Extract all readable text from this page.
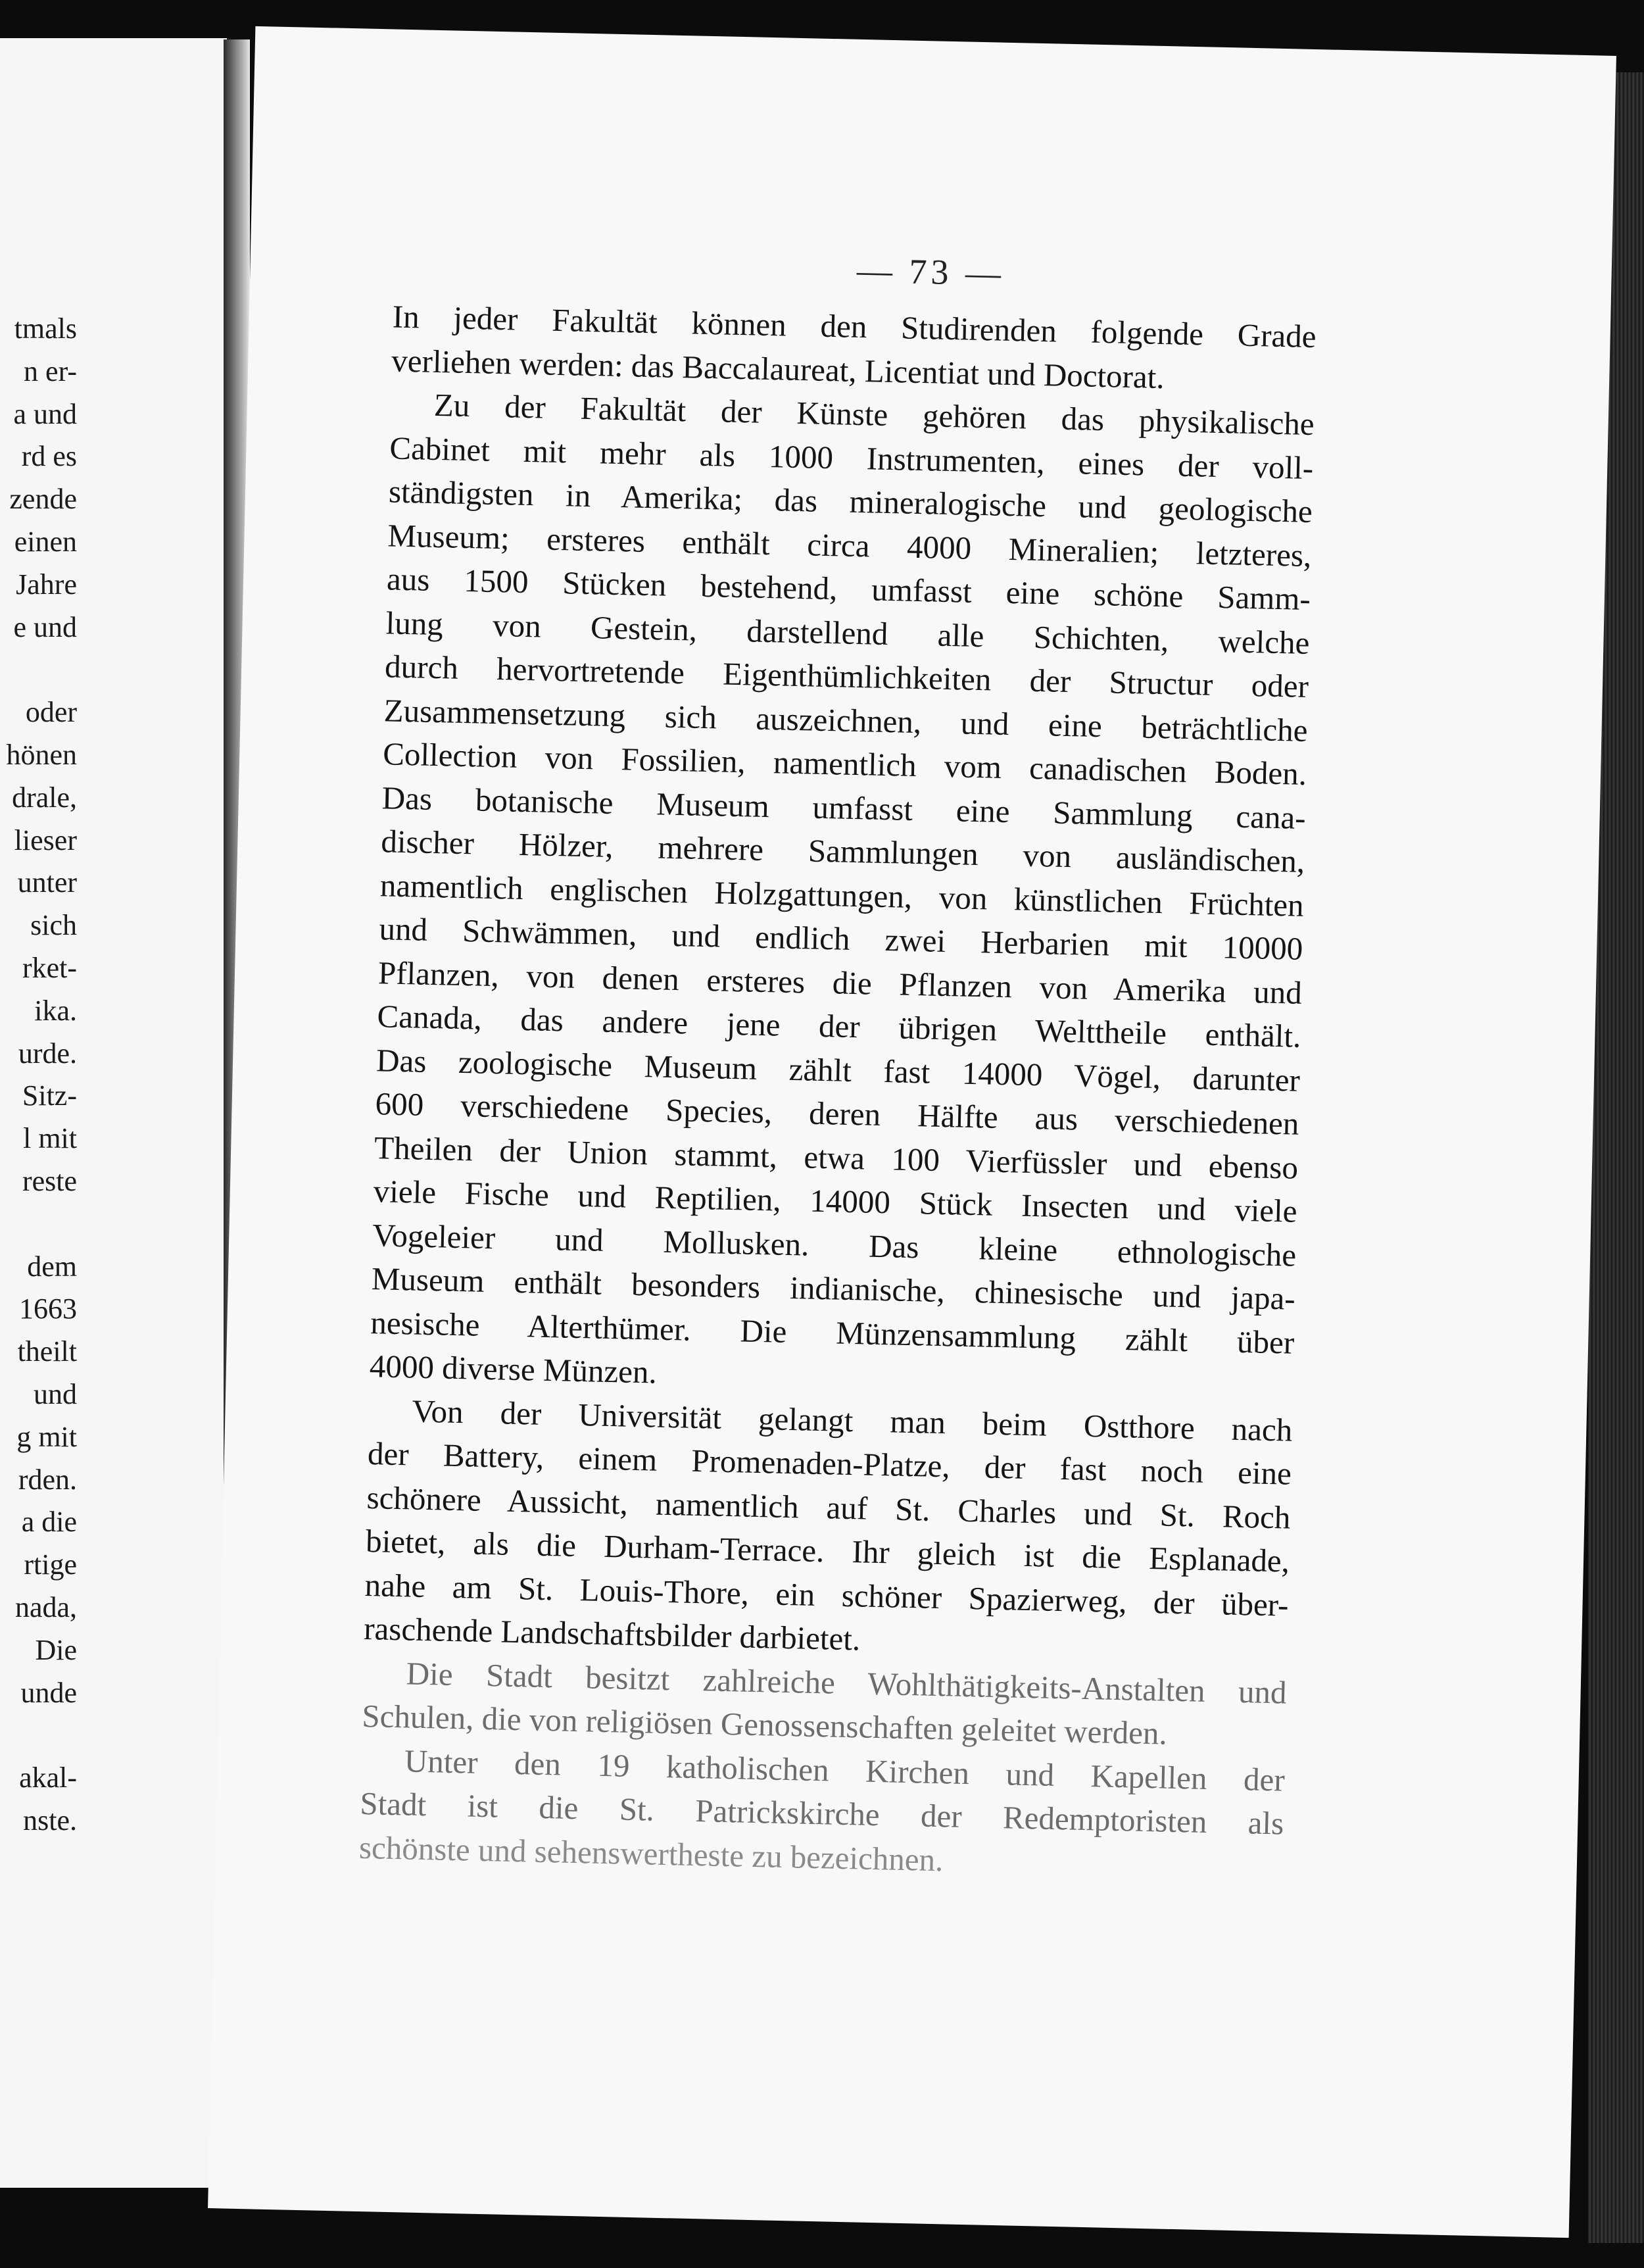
tmals
n er-
a und
rd es
zende
einen
Jahre
e und
oder
hönen
drale,
lieser
unter
sich
rket-
ika.
urde.
Sitz-
l mit
reste
dem
1663
theilt
und
g mit
rden.
a die
rtige
nada,
Die
unde
akal-
nste.
— 73 —
In jeder Fakultät können den Studirenden folgende Grade
verliehen werden: das Baccalaureat, Licentiat und Doctorat.
Zu der Fakultät der Künste gehören das physikalische
Cabinet mit mehr als 1000 Instrumenten, eines der voll-
ständigsten in Amerika; das mineralogische und geologische
Museum; ersteres enthält circa 4000 Mineralien; letzteres,
aus 1500 Stücken bestehend, umfasst eine schöne Samm-
lung von Gestein, darstellend alle Schichten, welche
durch hervortretende Eigenthümlichkeiten der Structur oder
Zusammensetzung sich auszeichnen, und eine beträchtliche
Collection von Fossilien, namentlich vom canadischen Boden.
Das botanische Museum umfasst eine Sammlung cana-
discher Hölzer, mehrere Sammlungen von ausländischen,
namentlich englischen Holzgattungen, von künstlichen Früchten
und Schwämmen, und endlich zwei Herbarien mit 10000
Pflanzen, von denen ersteres die Pflanzen von Amerika und
Canada, das andere jene der übrigen Welttheile enthält.
Das zoologische Museum zählt fast 14000 Vögel, darunter
600 verschiedene Species, deren Hälfte aus verschiedenen
Theilen der Union stammt, etwa 100 Vierfüssler und ebenso
viele Fische und Reptilien, 14000 Stück Insecten und viele
Vogeleier und Mollusken. Das kleine ethnologische
Museum enthält besonders indianische, chinesische und japa-
nesische Alterthümer. Die Münzensammlung zählt über
4000 diverse Münzen.
Von der Universität gelangt man beim Ostthore nach
der Battery, einem Promenaden-Platze, der fast noch eine
schönere Aussicht, namentlich auf St. Charles und St. Roch
bietet, als die Durham-Terrace. Ihr gleich ist die Esplanade,
nahe am St. Louis-Thore, ein schöner Spazierweg, der über-
raschende Landschaftsbilder darbietet.
Die Stadt besitzt zahlreiche Wohlthätigkeits-Anstalten und
Schulen, die von religiösen Genossenschaften geleitet werden.
Unter den 19 katholischen Kirchen und Kapellen der
Stadt ist die St. Patrickskirche der Redemptoristen als
schönste und sehenswertheste zu bezeichnen.
